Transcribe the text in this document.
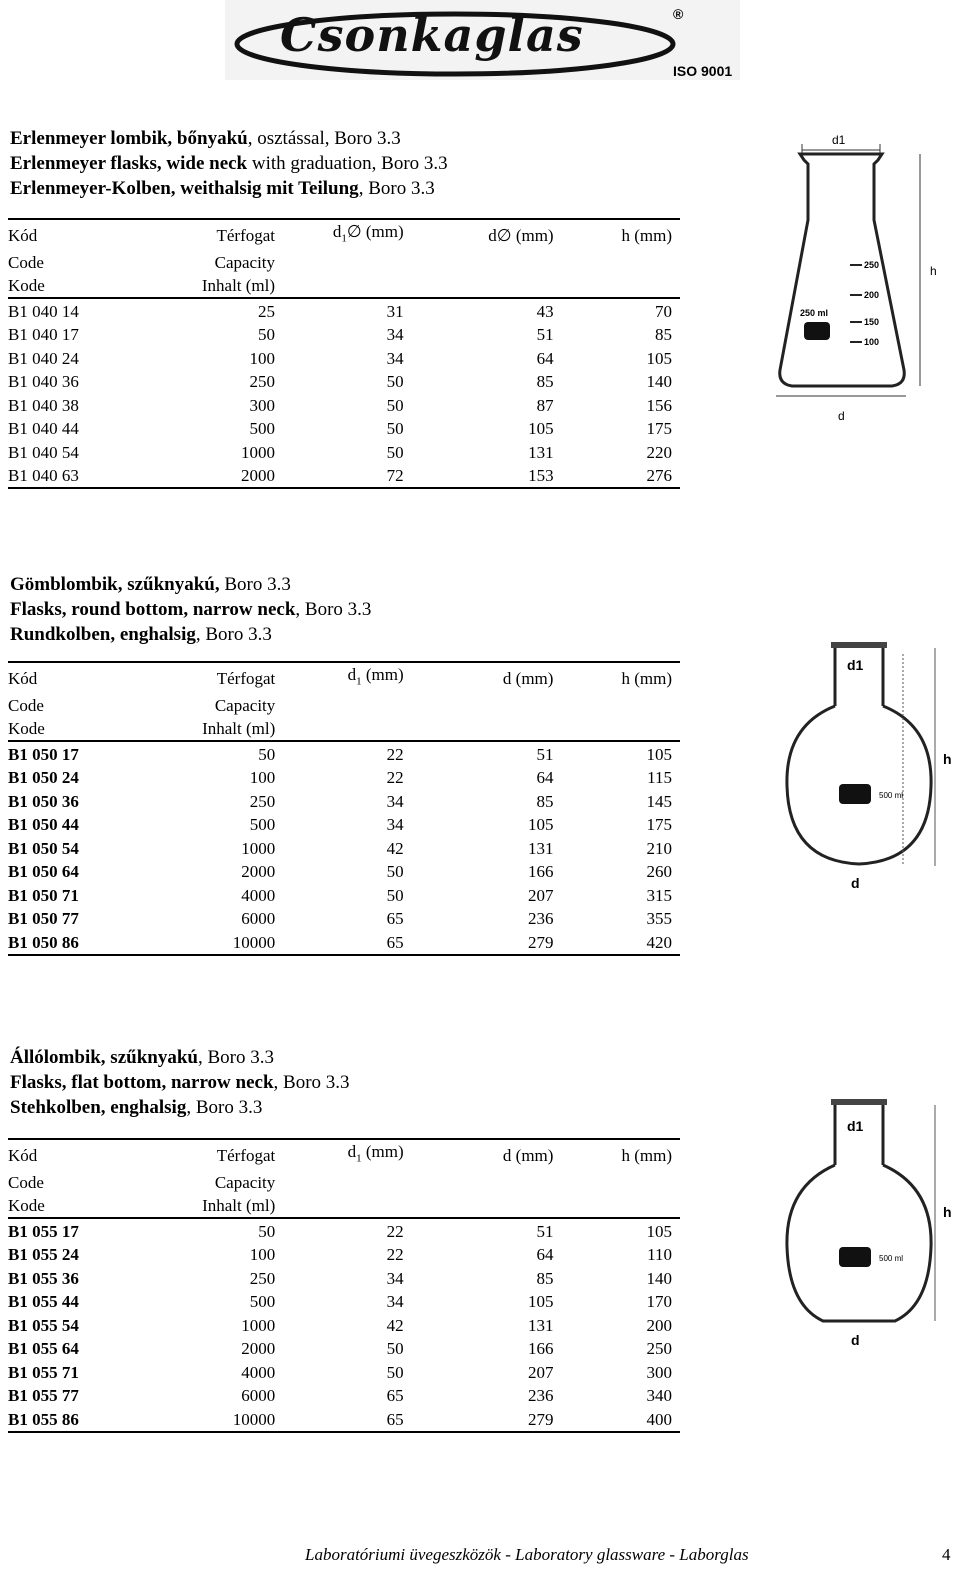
Csonkaglas	®
ISO 9001
Erlenmeyer lombik, bőnyakú, osztással, Boro 3.3
Erlenmeyer flasks, wide neck with graduation, Boro 3.3
Erlenmeyer-Kolben, weithalsig mit Teilung, Boro 3.3
Kód	Térfogat	$d_1\emptyset$ (mm)	d∅ (mm)	h (mm)
Code	Capacity			
Kode	Inhalt (ml)			
B1 040 14	25	31	43	70
B1 040 17	50	34	51	85
B1 040 24	100	34	64	105
B1 040 36	250	50	85	140
B1 040 38	300	50	87	156
B1 040 44	500	50	105	175
B1 040 54	1000	50	131	220
B1 040 63	2000	72	153	276
Gömblombik, szűknyakú, Boro 3.3
Flasks, round bottom, narrow neck, Boro 3.3
Rundkolben, enghalsig, Boro 3.3
Kód	Térfogat	$d_1$ (mm)	d (mm)	h (mm)
Code	Capacity			
Kode	Inhalt (ml)			
B1 050 17	50	22	51	105
B1 050 24	100	22	64	115
B1 050 36	250	34	85	145
B1 050 44	500	34	105	175
B1 050 54	1000	42	131	210
B1 050 64	2000	50	166	260
B1 050 71	4000	50	207	315
B1 050 77	6000	65	236	355
B1 050 86	10000	65	279	420
Állólombik, szűknyakú, Boro 3.3
Flasks, flat bottom, narrow neck, Boro 3.3
Stehkolben, enghalsig, Boro 3.3
Kód	Térfogat	$d_1$ (mm)	d (mm)	h (mm)
Code	Capacity			
Kode	Inhalt (ml)			
B1 055 17	50	22	51	105
B1 055 24	100	22	64	110
B1 055 36	250	34	85	140
B1 055 44	500	34	105	170
B1 055 54	1000	42	131	200
B1 055 64	2000	50	166	250
B1 055 71	4000	50	207	300
B1 055 77	6000	65	236	340
B1 055 86	10000	65	279	400
d1
h
d
250
200
150
100
250 ml
d1
h
d
500 ml
d1
h
d
500 ml
Laboratóriumi üvegeszközök - Laboratory glassware - Laborglas	4
